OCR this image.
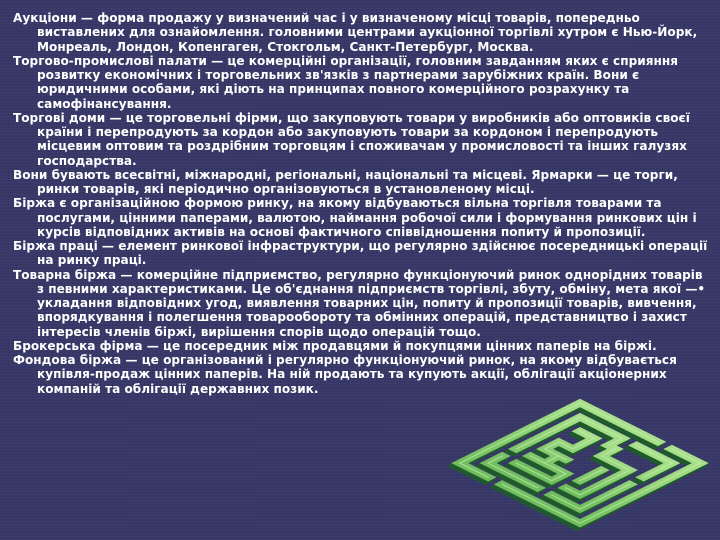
Аукціони — форма продажу у визначений час і у визначеному місці товарів, попередньо виставлених для ознайомлення. головними центрами аукціонної торгівлі хутром є Нью-Йорк, Монреаль, Лондон, Копенгаген, Стокгольм, Санкт-Петербург, Москва.

Торгово-промислові палати — це комерційні організації, головним завданням яких є сприяння розвитку економічних і торговельних зв'язків з партнерами зарубіжних країн. Вони є юридичними особами, які діють на принципах повного комерційного розрахунку та самофінансування.

Торгові доми — це торговельні фірми, що закуповують товари у виробників або оптовиків своєї країни і перепродують за кордон або закуповують товари за кордоном і перепродують місцевим оптовим та роздрібним торговцям і споживачам у промисловості та інших галузях господарства.

Вони бувають всесвітні, міжнародні, регіональні, національні та місцеві. Ярмарки — це торги, ринки товарів, які періодично організовуються в установленому місці.

Біржа є організаційною формою ринку, на якому відбуваються вільна торгівля товарами та послугами, цінними паперами, валютою, наймання робочої сили і формування ринкових цін і курсів відповідних активів на основі фактичного співвідношення попиту й пропозиції.

Біржа праці — елемент ринкової інфраструктури, що регулярно здійснює посередницькі операції на ринку праці.

Товарна біржа — комерційне підприємство, регулярно функціонуючий ринок однорідних товарів з певними характеристиками. Це об'єднання підприємств торгівлі, збуту, обміну, мета якої —• укладання відповідних угод, виявлення товарних цін, попиту й пропозиції товарів, вивчення, впорядкування і полегшення товарообороту та обмінних операцій, представництво і захист інтересів членів біржі, вирішення спорів щодо операцій тощо.

Брокерська фірма — це посередник між продавцями й покупцями цінних паперів на біржі.

Фондова біржа — це організований і регулярно функціонуючий ринок, на якому відбувається купівля-продаж цінних паперів. На ній продають та купують акції, облігації акціонерних компаній та облігації державних позик.
